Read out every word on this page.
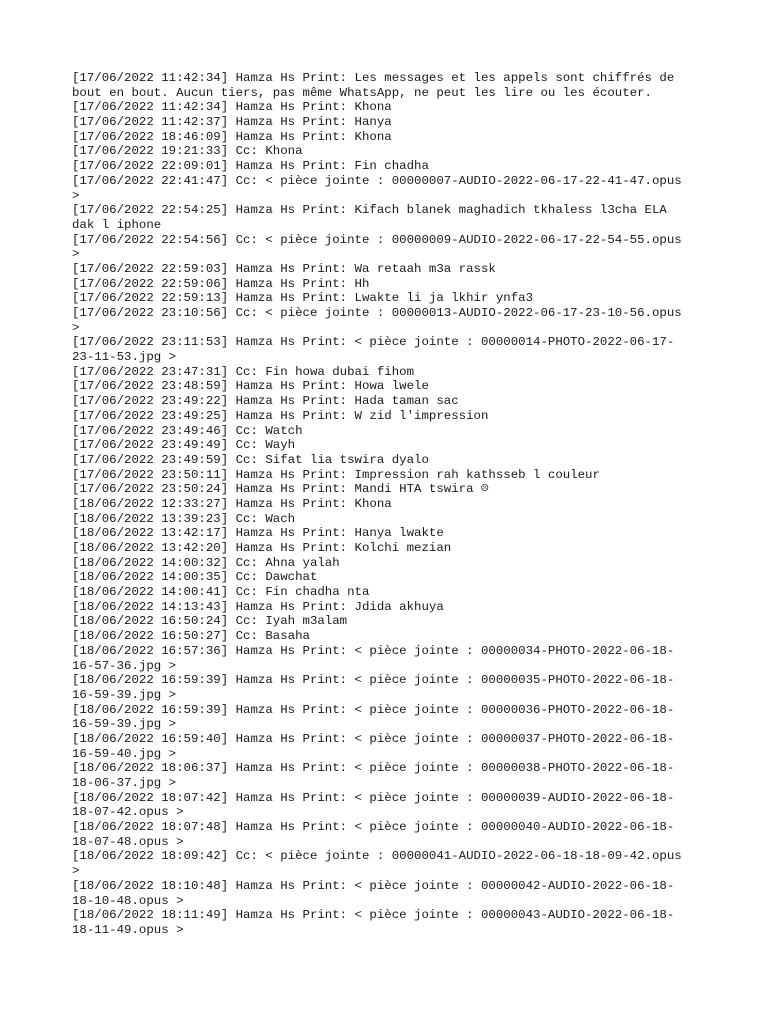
[17/06/2022 11:42:34] Hamza Hs Print: Les messages et les appels sont chiffrés de
bout en bout. Aucun tiers, pas même WhatsApp, ne peut les lire ou les écouter.
[17/06/2022 11:42:34] Hamza Hs Print: Khona
[17/06/2022 11:42:37] Hamza Hs Print: Hanya
[17/06/2022 18:46:09] Hamza Hs Print: Khona
[17/06/2022 19:21:33] Cc: Khona
[17/06/2022 22:09:01] Hamza Hs Print: Fin chadha
[17/06/2022 22:41:47] Cc: < pièce jointe : 00000007-AUDIO-2022-06-17-22-41-47.opus
>
[17/06/2022 22:54:25] Hamza Hs Print: Kifach blanek maghadich tkhaless l3cha ELA
dak l iphone
[17/06/2022 22:54:56] Cc: < pièce jointe : 00000009-AUDIO-2022-06-17-22-54-55.opus
>
[17/06/2022 22:59:03] Hamza Hs Print: Wa retaah m3a rassk
[17/06/2022 22:59:06] Hamza Hs Print: Hh
[17/06/2022 22:59:13] Hamza Hs Print: Lwakte li ja lkhir ynfa3
[17/06/2022 23:10:56] Cc: < pièce jointe : 00000013-AUDIO-2022-06-17-23-10-56.opus
>
[17/06/2022 23:11:53] Hamza Hs Print: < pièce jointe : 00000014-PHOTO-2022-06-17-
23-11-53.jpg >
[17/06/2022 23:47:31] Cc: Fin howa dubai fihom
[17/06/2022 23:48:59] Hamza Hs Print: Howa lwele
[17/06/2022 23:49:22] Hamza Hs Print: Hada taman sac
[17/06/2022 23:49:25] Hamza Hs Print: W zid l'impression
[17/06/2022 23:49:46] Cc: Watch
[17/06/2022 23:49:49] Cc: Wayh
[17/06/2022 23:49:59] Cc: Sifat lia tswira dyalo
[17/06/2022 23:50:11] Hamza Hs Print: Impression rah kathsseb l couleur
[17/06/2022 23:50:24] Hamza Hs Print: Mandi HTA tswira ☹
[18/06/2022 12:33:27] Hamza Hs Print: Khona
[18/06/2022 13:39:23] Cc: Wach
[18/06/2022 13:42:17] Hamza Hs Print: Hanya lwakte
[18/06/2022 13:42:20] Hamza Hs Print: Kolchi mezian
[18/06/2022 14:00:32] Cc: Ahna yalah
[18/06/2022 14:00:35] Cc: Dawchat
[18/06/2022 14:00:41] Cc: Fin chadha nta
[18/06/2022 14:13:43] Hamza Hs Print: Jdida akhuya
[18/06/2022 16:50:24] Cc: Iyah m3alam
[18/06/2022 16:50:27] Cc: Basaha
[18/06/2022 16:57:36] Hamza Hs Print: < pièce jointe : 00000034-PHOTO-2022-06-18-
16-57-36.jpg >
[18/06/2022 16:59:39] Hamza Hs Print: < pièce jointe : 00000035-PHOTO-2022-06-18-
16-59-39.jpg >
[18/06/2022 16:59:39] Hamza Hs Print: < pièce jointe : 00000036-PHOTO-2022-06-18-
16-59-39.jpg >
[18/06/2022 16:59:40] Hamza Hs Print: < pièce jointe : 00000037-PHOTO-2022-06-18-
16-59-40.jpg >
[18/06/2022 18:06:37] Hamza Hs Print: < pièce jointe : 00000038-PHOTO-2022-06-18-
18-06-37.jpg >
[18/06/2022 18:07:42] Hamza Hs Print: < pièce jointe : 00000039-AUDIO-2022-06-18-
18-07-42.opus >
[18/06/2022 18:07:48] Hamza Hs Print: < pièce jointe : 00000040-AUDIO-2022-06-18-
18-07-48.opus >
[18/06/2022 18:09:42] Cc: < pièce jointe : 00000041-AUDIO-2022-06-18-18-09-42.opus
>
[18/06/2022 18:10:48] Hamza Hs Print: < pièce jointe : 00000042-AUDIO-2022-06-18-
18-10-48.opus >
[18/06/2022 18:11:49] Hamza Hs Print: < pièce jointe : 00000043-AUDIO-2022-06-18-
18-11-49.opus >
